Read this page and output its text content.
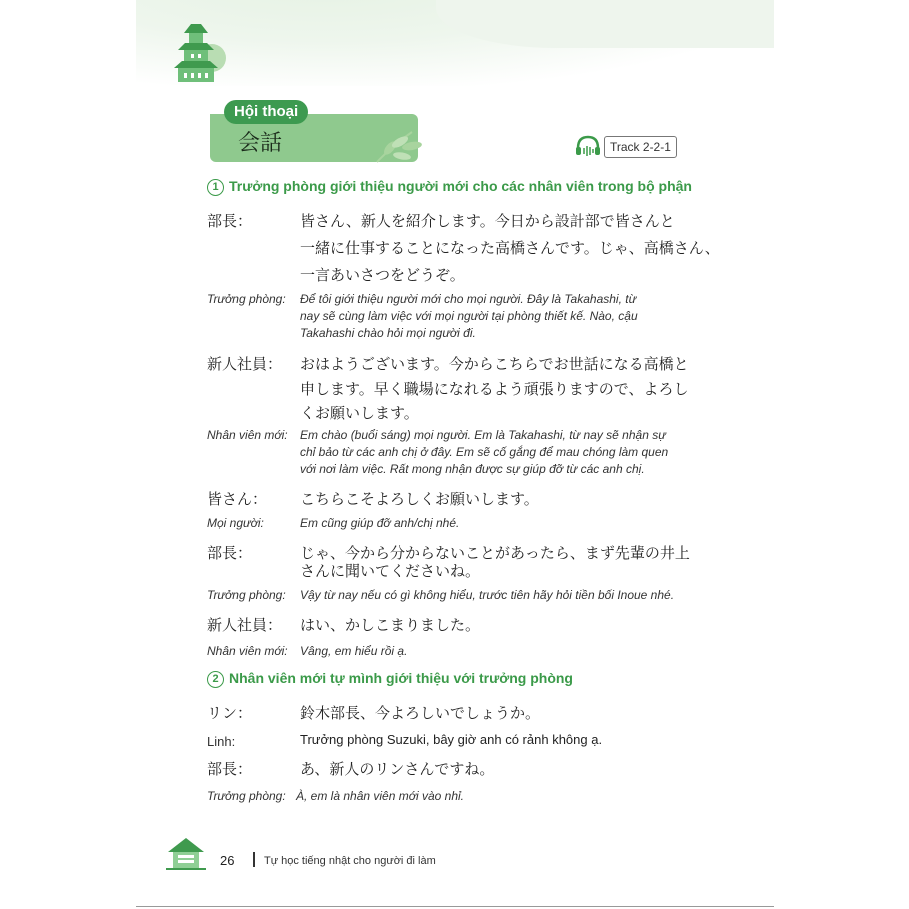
Hội thoại
会話	Track 2-2-1
1 Trưởng phòng giới thiệu người mới cho các nhân viên trong bộ phận
部長：	皆さん、新人を紹介します。今日から設計部で皆さんと
一緒に仕事することになった高橋さんです。じゃ、高橋さん、
一言あいさつをどうぞ。
Trưởng phòng: Để tôi giới thiệu người mới cho mọi người. Đây là Takahashi, từ
nay sẽ cùng làm việc với mọi người tại phòng thiết kế. Nào, cậu
Takahashi chào hỏi mọi người đi.
新人社員： おはようございます。今からこちらでお世話になる高橋と
申します。早く職場になれるよう頑張りますので、よろし
くお願いします。
Nhân viên mới: Em chào (buổi sáng) mọi người. Em là Takahashi, từ nay sẽ nhận sự
chỉ bảo từ các anh chị ở đây. Em sẽ cố gắng để mau chóng làm quen
với nơi làm việc. Rất mong nhận được sự giúp đỡ từ các anh chị.
皆さん： こちらこそよろしくお願いします。
Mọi người:	Em cũng giúp đỡ anh/chị nhé.
部長：	じゃ、今から分からないことがあったら、まず先輩の井上
さんに聞いてくださいね。
Trưởng phòng: Vậy từ nay nếu có gì không hiểu, trước tiên hãy hỏi tiền bối Inoue nhé.
新人社員： はい、かしこまりました。
Nhân viên mới: Vâng, em hiểu rồi ạ.
2 Nhân viên mới tự mình giới thiệu với trưởng phòng
リン：	鈴木部長、今よろしいでしょうか。
Linh:	Trưởng phòng Suzuki, bây giờ anh có rảnh không ạ.
部長：	あ、新人のリンさんですね。
Trưởng phòng: À, em là nhân viên mới vào nhỉ.
26	Tự học tiếng nhật cho người đi làm
